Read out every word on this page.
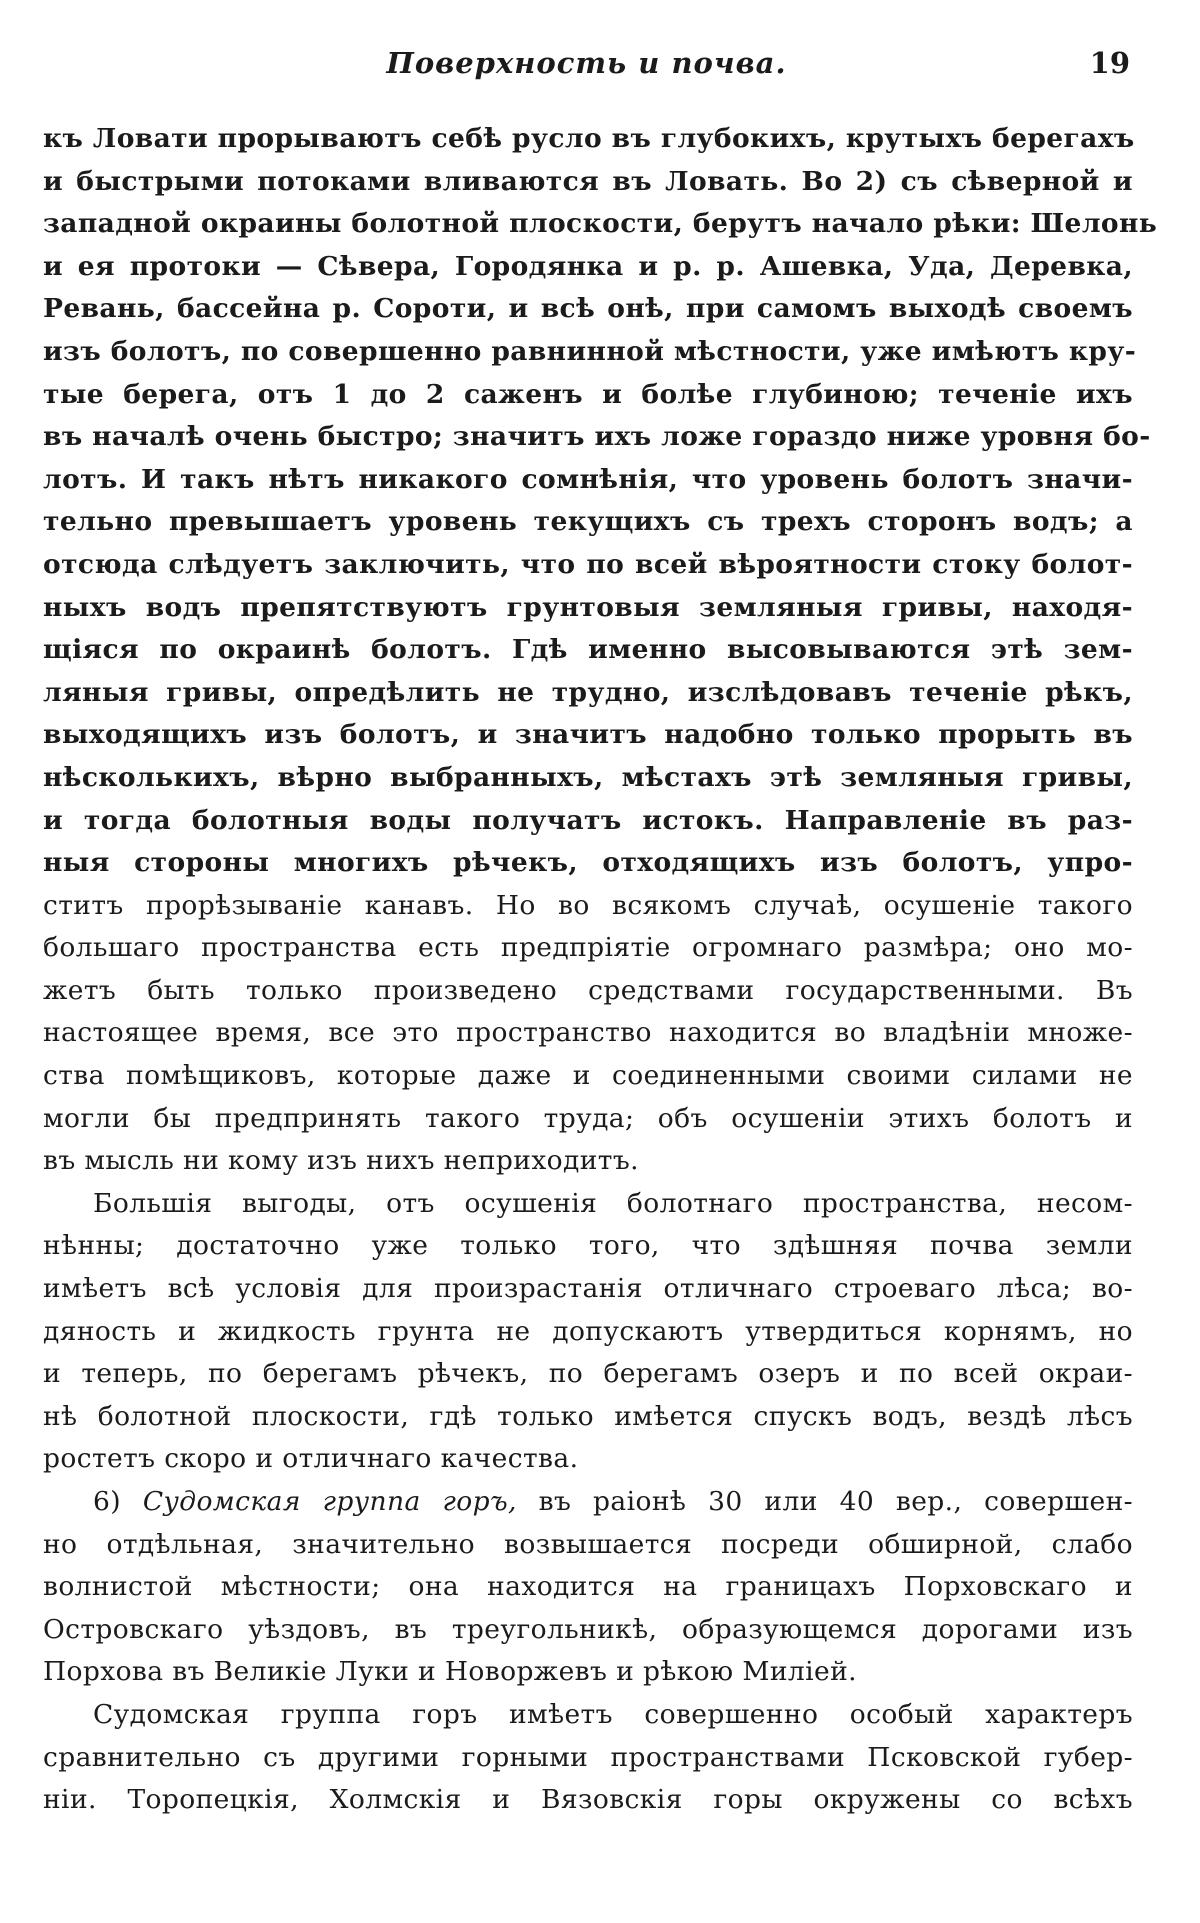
Поверхность и почва.	19
къ Ловати прорываютъ себѣ русло въ глубокихъ, крутыхъ берегахъ
и быстрыми потоками вливаются въ Ловать. Во 2) съ сѣверной и
западной окраины болотной плоскости, берутъ начало рѣки: Шелонь
и ея протоки — Сѣвера, Городянка и р. р. Ашевка, Уда, Деревка,
Ревань, бассейна р. Сороти, и всѣ онѣ, при самомъ выходѣ своемъ
изъ болотъ, по совершенно равнинной мѣстности, уже имѣютъ кру-
тые берега, отъ 1 до 2 саженъ и болѣе глубиною; теченіе ихъ
въ началѣ очень быстро; значитъ ихъ ложе гораздо ниже уровня бо-
лотъ. И такъ нѣтъ никакого сомнѣнія, что уровень болотъ значи-
тельно превышаетъ уровень текущихъ съ трехъ сторонъ водъ; а
отсюда слѣдуетъ заключить, что по всей вѣроятности стоку болот-
ныхъ водъ препятствуютъ грунтовыя земляныя гривы, находя-
щіяся по окраинѣ болотъ. Гдѣ именно высовываются этѣ зем-
ляныя гривы, опредѣлить не трудно, изслѣдовавъ теченіе рѣкъ,
выходящихъ изъ болотъ, и значитъ надобно только прорыть въ
нѣсколькихъ, вѣрно выбранныхъ, мѣстахъ этѣ земляныя гривы,
и тогда болотныя воды получатъ истокъ. Направленіе въ раз-
ныя стороны многихъ рѣчекъ, отходящихъ изъ болотъ, упро-
ститъ прорѣзываніе канавъ. Но во всякомъ случаѣ, осушеніе такого
большаго пространства есть предпріятіе огромнаго размѣра; оно мо-
жетъ быть только произведено средствами государственными. Въ
настоящее время, все это пространство находится во владѣніи множе-
ства помѣщиковъ, которые даже и соединенными своими силами не
могли бы предпринять такого труда; объ осушеніи этихъ болотъ и
въ мысль ни кому изъ нихъ неприходитъ.
Большія выгоды, отъ осушенія болотнаго пространства, несом-
нѣнны; достаточно уже только того, что здѣшняя почва земли
имѣетъ всѣ условія для произрастанія отличнаго строеваго лѣса; во-
дяность и жидкость грунта не допускаютъ утвердиться корнямъ, но
и теперь, по берегамъ рѣчекъ, по берегамъ озеръ и по всей окраи-
нѣ болотной плоскости, гдѣ только имѣется спускъ водъ, вездѣ лѣсъ
ростетъ скоро и отличнаго качества.
6) Судомская группа горъ, въ раіонѣ 30 или 40 вер., совершен-
но отдѣльная, значительно возвышается посреди обширной, слабо
волнистой мѣстности; она находится на границахъ Порховскаго и
Островскаго уѣздовъ, въ треугольникѣ, образующемся дорогами изъ
Порхова въ Великіе Луки и Новоржевъ и рѣкою Миліей.
Судомская группа горъ имѣетъ совершенно особый характеръ
сравнительно съ другими горными пространствами Псковской губер-
ніи. Торопецкія, Холмскія и Вязовскія горы окружены со всѣхъ
